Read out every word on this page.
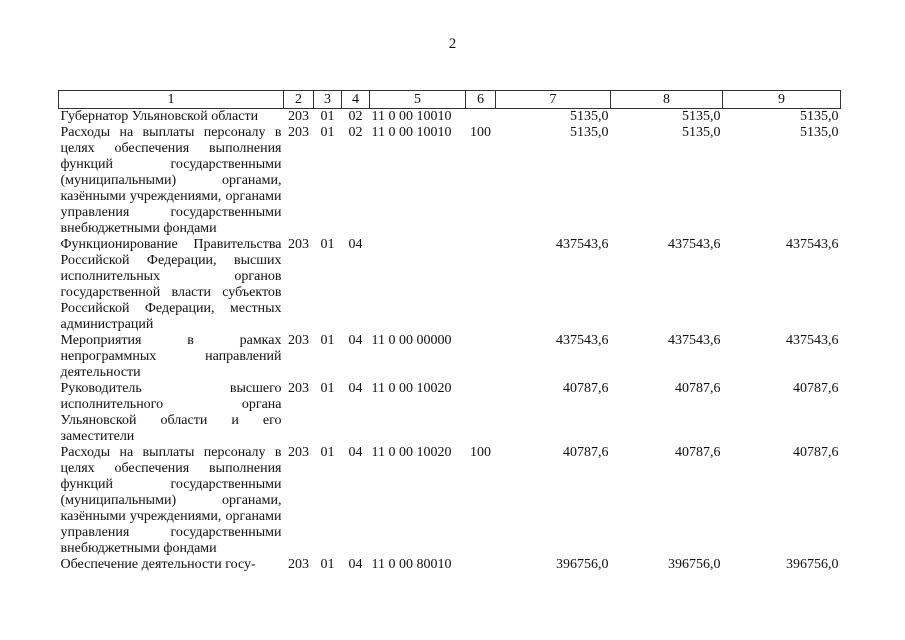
2
1	2	3	4	5	6	7	8	9
Губернатор Ульяновской области	203	01	02	11 0 00 10010		5135,0	5135,0	5135,0
Расходы на выплаты персоналу в целях обеспечения выполнения функций государственными (муниципальными) органами, казёнными учреждениями, органами управления государственными внебюджетными фондами	203	01	02	11 0 00 10010	100	5135,0	5135,0	5135,0
Функционирование Правительства Российской Федерации, высших исполнительных органов государственной власти субъектов Российской Федерации, местных администраций	203	01	04			437543,6	437543,6	437543,6
Мероприятия в рамках непрограммных направлений деятельности	203	01	04	11 0 00 00000		437543,6	437543,6	437543,6
Руководитель высшего исполнительного органа Ульяновской области и его заместители	203	01	04	11 0 00 10020		40787,6	40787,6	40787,6
Расходы на выплаты персоналу в целях обеспечения выполнения функций государственными (муниципальными) органами, казёнными учреждениями, органами управления государственными внебюджетными фондами	203	01	04	11 0 00 10020	100	40787,6	40787,6	40787,6
Обеспечение деятельности госу-	203	01	04	11 0 00 80010		396756,0	396756,0	396756,0
